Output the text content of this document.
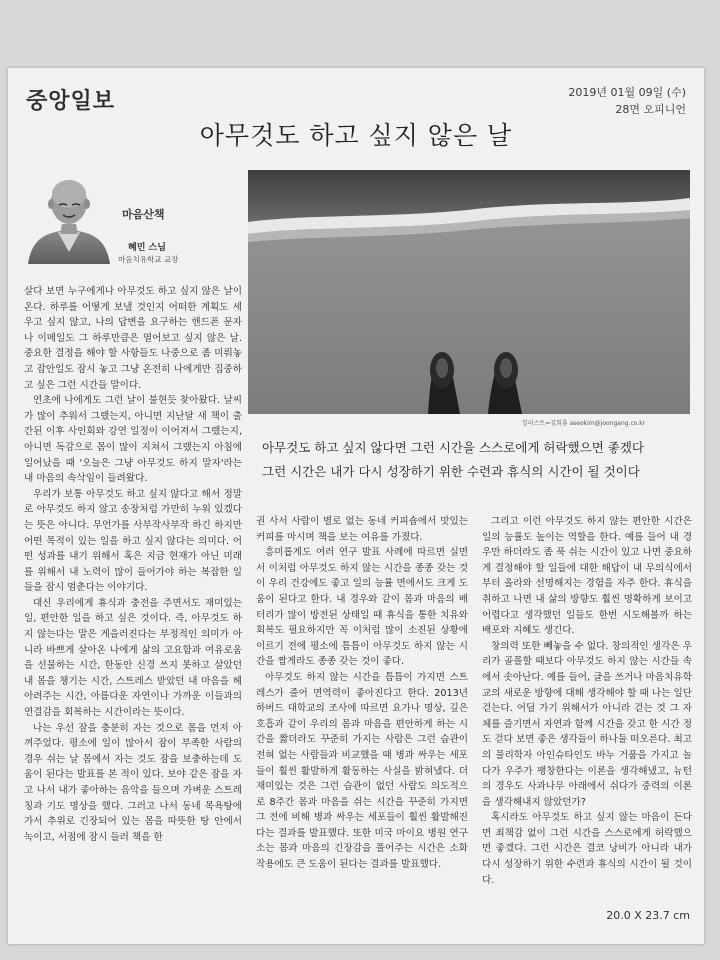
중앙일보	2019년 01월 09일 (수)
28면 오피니언
아무것도 하고 싶지 않은 날
마음산책
혜민 스님
마음치유학교 교장
일러스트=김회룡 aseokim@joongang.co.kr
아무것도 하고 싶지 않다면 그런 시간을 스스로에게 허락했으면 좋겠다
그런 시간은 내가 다시 성장하기 위한 수련과 휴식의 시간이 될 것이다

살다 보면 누구에게나 아무것도 하고 싶지 않은 날이 온다. 하루를 어떻게 보낼 것인지 어떠한 계획도 세우고 싶지 않고, 나의 답변을 요구하는 핸드폰 문자나 이메일도 그 하루만큼은 열어보고 싶지 않은 날. 중요한 결정을 해야 할 사항들도 나중으로 좀 미뤄놓고 잡안일도 잠시 놓고 그냥 온전히 나에게만 집중하고 싶은 그런 시간들 말이다.

연초에 나에게도 그런 날이 불현듯 찾아왔다. 날씨가 많이 추워서 그랬는지, 아니면 지난달 새 책이 출간된 이후 사인회와 강연 일정이 이어져서 그랬는지, 아니면 독감으로 몸이 많이 지쳐서 그랬는지 아침에 일어났을 때 '오늘은 그냥 아무것도 하지 말자'라는 내 마음의 속삭임이 들려왔다.

우리가 보통 아무것도 하고 싶지 않다고 해서 정말로 아무것도 하지 않고 송장처럼 가만히 누워 있겠다는 뜻은 아니다. 무언가를 사부작사부작 하긴 하지만 어떤 목적이 있는 일을 하고 싶지 않다는 의미다. 어떤 성과를 내기 위해서 혹은 지금 현재가 아닌 미래를 위해서 내 노력이 많이 들어가야 하는 복잡한 일들을 잠시 멈춘다는 이야기다.

대신 우리에게 휴식과 충전을 주면서도 재미있는 일, 편안한 일을 하고 싶은 것이다. 즉, 아무것도 하지 않는다는 말은 게을러진다는 부정적인 의미가 아니라 바쁘게 살아온 나에게 삶의 고요함과 여유로움을 선물하는 시간, 한동안 신경 쓰지 못하고 살았던 내 몸을 챙기는 시간, 스트레스 받았던 내 마음을 헤아려주는 시간, 아름다운 자연이나 가까운 이들과의 연결감을 회복하는 시간이라는 뜻이다.

나는 우선 잠을 충분히 자는 것으로 몸을 먼저 아껴주었다. 평소에 일이 많아서 잠이 부족한 사람의 경우 쉬는 날 몸에서 자는 것도 잠을 보충하는데 도움이 된다는 발표를 본 적이 있다. 보야 같은 잠을 자고 나서 내가 좋아하는 음악을 들으며 가벼운 스트레칭과 기도 명상을 했다. 그러고 나서 동네 목욕탕에 가서 추위로 긴장되어 있는 몸을 따뜻한 탕 안에서 녹이고, 서점에 잠시 들러 책을 한

권 사서 사람이 별로 없는 동네 커피숍에서 맛있는 커피를 마시며 책을 보는 여유를 가졌다.

흥미롭게도 여러 연구 발표 사례에 따르면 실면서 이처럼 아무것도 하지 않는 시간을 종종 갖는 것이 우리 건강에도 좋고 일의 능률 면에서도 크게 도움이 된다고 한다. 내 경우와 같이 몸과 마음의 배터리가 많이 방전된 상태일 때 휴식을 통한 치유와 회복도 필요하지만 꼭 이처럼 많이 소진된 상황에 이르기 전에 평소에 틈틈이 아무것도 하지 않는 시간을 짬게라도 종종 갖는 것이 좋다.

아무것도 하지 않는 시간을 틈틈이 가지면 스트레스가 줄어 면역력이 좋아진다고 한다. 2013년 하버드 대학교의 조사에 따르면 요가나 명상, 깊은 호흡과 같이 우리의 몸과 마음을 편안하게 하는 시간을 짧더라도 꾸준히 가지는 사람은 그런 습관이 전혀 없는 사람들과 비교했을 때 병과 싸우는 세포들이 훨씬 활발하게 활동하는 사실을 밝혀냈다. 더 재미있는 것은 그런 습관이 없던 사람도 의도적으로 8주간 몸과 마음을 쉬는 시간을 꾸준히 가지면 그 전에 비해 병과 싸우는 세포들이 훨씬 활발해진다는 결과를 발표했다. 또한 미국 마이요 병원 연구소는 몸과 마음의 긴장감을 풀어주는 시간은 소화 작용에도 큰 도움이 된다는 결과를 발표했다.

그리고 이런 아무것도 하지 않는 편안한 시간은 일의 능률도 높이는 역할을 한다. 예를 들어 내 경우만 하더라도 좀 푹 쉬는 시간이 있고 나면 중요하게 결정해야 할 일들에 대한 해답이 내 무의식에서부터 올라와 선명해지는 경험을 자주 한다. 휴식을 취하고 나면 내 삶의 방향도 훨씬 명확하게 보이고 어렵다고 생각했던 일들도 한번 시도해볼까 하는 배포와 지혜도 생긴다.

창의력 또한 빼놓을 수 없다. 창의적인 생각은 우리가 골몰할 때보다 아무것도 하지 않는 시간들 속에서 솟아난다. 예를 들어, 글을 쓰거나 마음치유학교의 새로운 방향에 대해 생각해야 할 때 나는 일단 걷는다. 어딜 가기 위해서가 아니라 걷는 것 그 자체를 즐기면서 자연과 함께 시간을 갖고 한 시간 정도 걷다 보면 좋은 생각들이 하나둘 떠오른다. 최고의 물리학자 아인슈타인도 바누 거품을 가지고 놀다가 우주가 팽창한다는 이론을 생각해냈고, 뉴턴의 경우도 사과나무 아래에서 쉬다가 중력의 이론을 생각해내지 않았던가?

혹시라도 아무것도 하고 싶지 않는 마음이 든다면 죄책감 없이 그런 시간을 스스로에게 허락했으면 좋겠다. 그런 시간은 결코 낭비가 아니라 내가 다시 성장하기 위한 수련과 휴식의 시간이 될 것이다.

20.0 X 23.7 cm
